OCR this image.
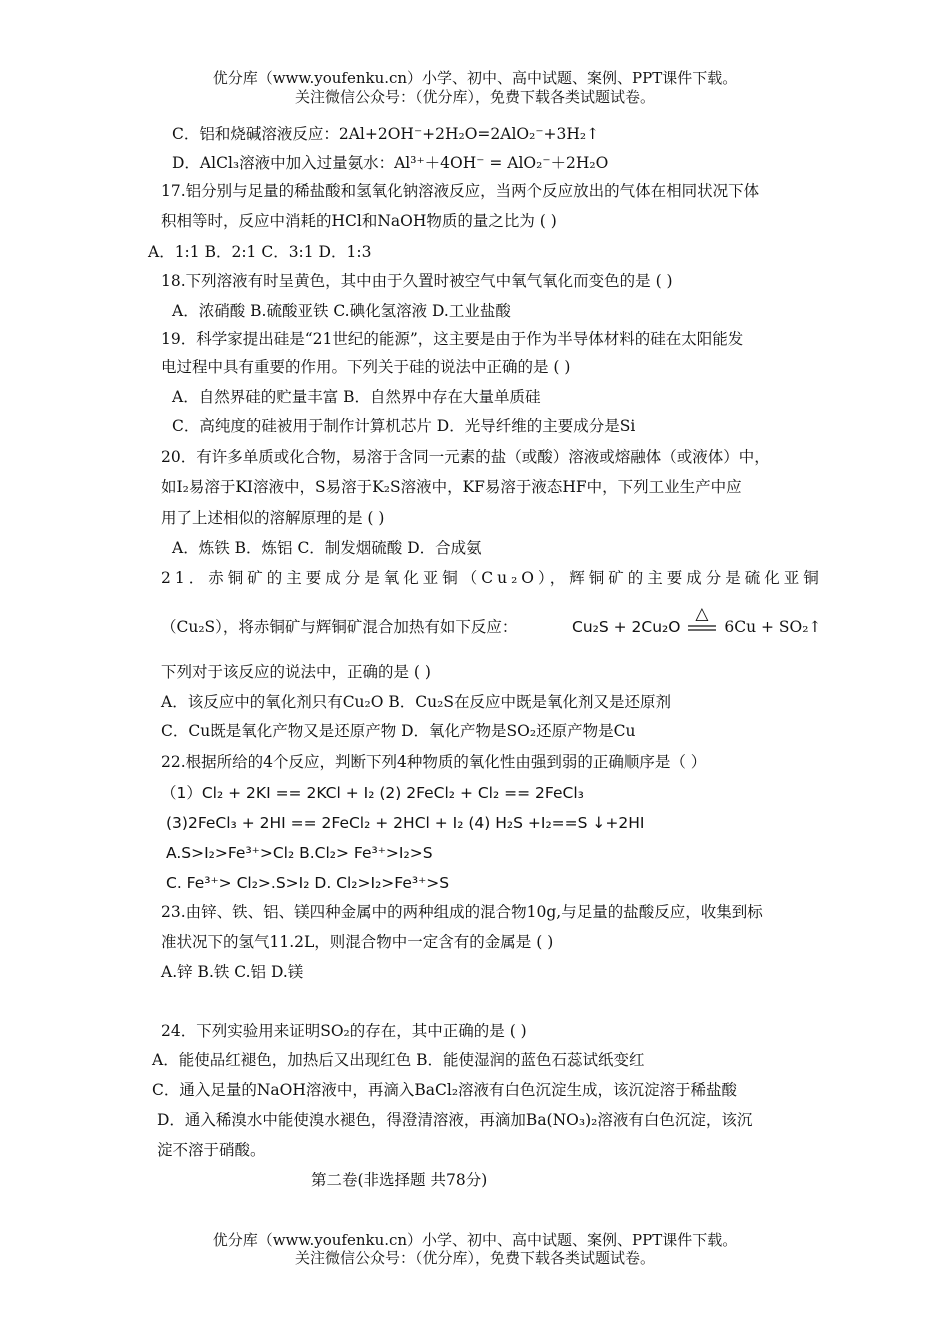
优分库（www.youfenku.cn）小学、初中、高中试题、案例、PPT课件下载。
关注微信公众号：（优分库），免费下载各类试题试卷。
C．铝和烧碱溶液反应：2Al+2OH⁻+2H₂O=2AlO₂⁻+3H₂↑
D．AlCl₃溶液中加入过量氨水：Al³⁺＋4OH⁻ = AlO₂⁻＋2H₂O
17.铝分别与足量的稀盐酸和氢氧化钠溶液反应，当两个反应放出的气体在相同状况下体
积相等时，反应中消耗的HCl和NaOH物质的量之比为 ( )
A．1:1 B．2:1 C．3:1 D．1:3
18.下列溶液有时呈黄色，其中由于久置时被空气中氧气氧化而变色的是 ( )
A．浓硝酸 B.硫酸亚铁 C.碘化氢溶液 D.工业盐酸
19．科学家提出硅是“21世纪的能源”，这主要是由于作为半导体材料的硅在太阳能发
电过程中具有重要的作用。下列关于硅的说法中正确的是 ( )
A．自然界硅的贮量丰富 B．自然界中存在大量单质硅
C．高纯度的硅被用于制作计算机芯片 D．光导纤维的主要成分是Si
20．有许多单质或化合物，易溶于含同一元素的盐（或酸）溶液或熔融体（或液体）中，
如I₂易溶于KI溶液中，S易溶于K₂S溶液中，KF易溶于液态HF中，下列工业生产中应
用了上述相似的溶解原理的是 ( )
A．炼铁 B．炼铝 C．制发烟硫酸 D．合成氨
21．赤铜矿的主要成分是氧化亚铜（Cu₂O），辉铜矿的主要成分是硫化亚铜
（Cu₂S），将赤铜矿与辉铜矿混合加热有如下反应：	Cu₂S + 2Cu₂O
△
6Cu + SO₂↑
下列对于该反应的说法中，正确的是 ( )
A．该反应中的氧化剂只有Cu₂O B．Cu₂S在反应中既是氧化剂又是还原剂
C．Cu既是氧化产物又是还原产物 D．氧化产物是SO₂还原产物是Cu
22.根据所给的4个反应，判断下列4种物质的氧化性由强到弱的正确顺序是（ ）
（1）Cl₂ + 2KI == 2KCl + I₂ (2) 2FeCl₂ + Cl₂ == 2FeCl₃
(3)2FeCl₃ + 2HI == 2FeCl₂ + 2HCl + I₂ (4) H₂S +I₂==S ↓+2HI
A.S>I₂>Fe³⁺>Cl₂ B.Cl₂> Fe³⁺>I₂>S
C. Fe³⁺> Cl₂>.S>I₂ D. Cl₂>I₂>Fe³⁺>S
23.由锌、铁、铝、镁四种金属中的两种组成的混合物10g,与足量的盐酸反应，收集到标
准状况下的氢气11.2L，则混合物中一定含有的金属是 ( )
A.锌 B.铁 C.铝 D.镁
24．下列实验用来证明SO₂的存在，其中正确的是 ( )
A．能使品红褪色，加热后又出现红色 B．能使湿润的蓝色石蕊试纸变红
C．通入足量的NaOH溶液中，再滴入BaCl₂溶液有白色沉淀生成，该沉淀溶于稀盐酸
D．通入稀溴水中能使溴水褪色，得澄清溶液，再滴加Ba(NO₃)₂溶液有白色沉淀，该沉
淀不溶于硝酸。
第二卷(非选择题 共78分)
优分库（www.youfenku.cn）小学、初中、高中试题、案例、PPT课件下载。
关注微信公众号：（优分库），免费下载各类试题试卷。
